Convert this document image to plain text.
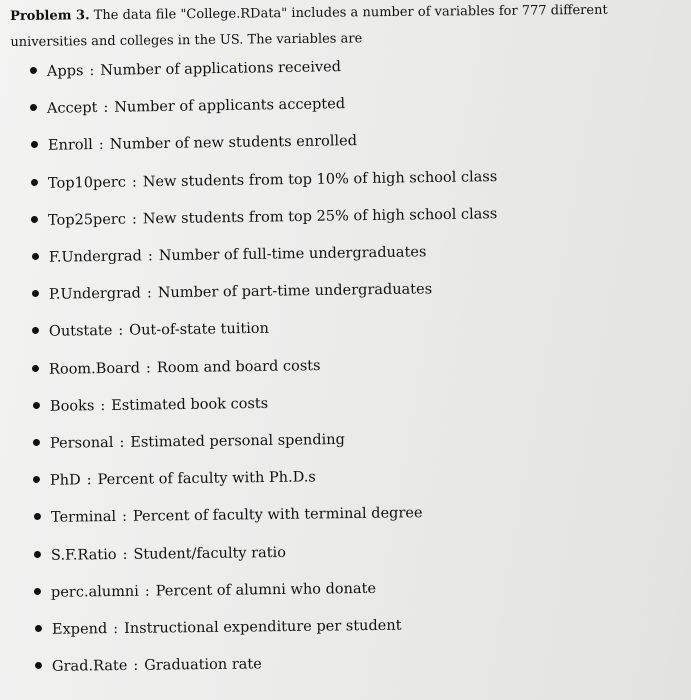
Problem 3. The data file "College.RData" includes a number of variables for 777 different universities and colleges in the US. The variables are
Apps : Number of applications received
Accept : Number of applicants accepted
Enroll : Number of new students enrolled
Top10perc : New students from top 10% of high school class
Top25perc : New students from top 25% of high school class
F.Undergrad : Number of full-time undergraduates
P.Undergrad : Number of part-time undergraduates
Outstate : Out-of-state tuition
Room.Board : Room and board costs
Books : Estimated book costs
Personal : Estimated personal spending
PhD : Percent of faculty with Ph.D.s
Terminal : Percent of faculty with terminal degree
S.F.Ratio : Student/faculty ratio
perc.alumni : Percent of alumni who donate
Expend : Instructional expenditure per student
Grad.Rate : Graduation rate
